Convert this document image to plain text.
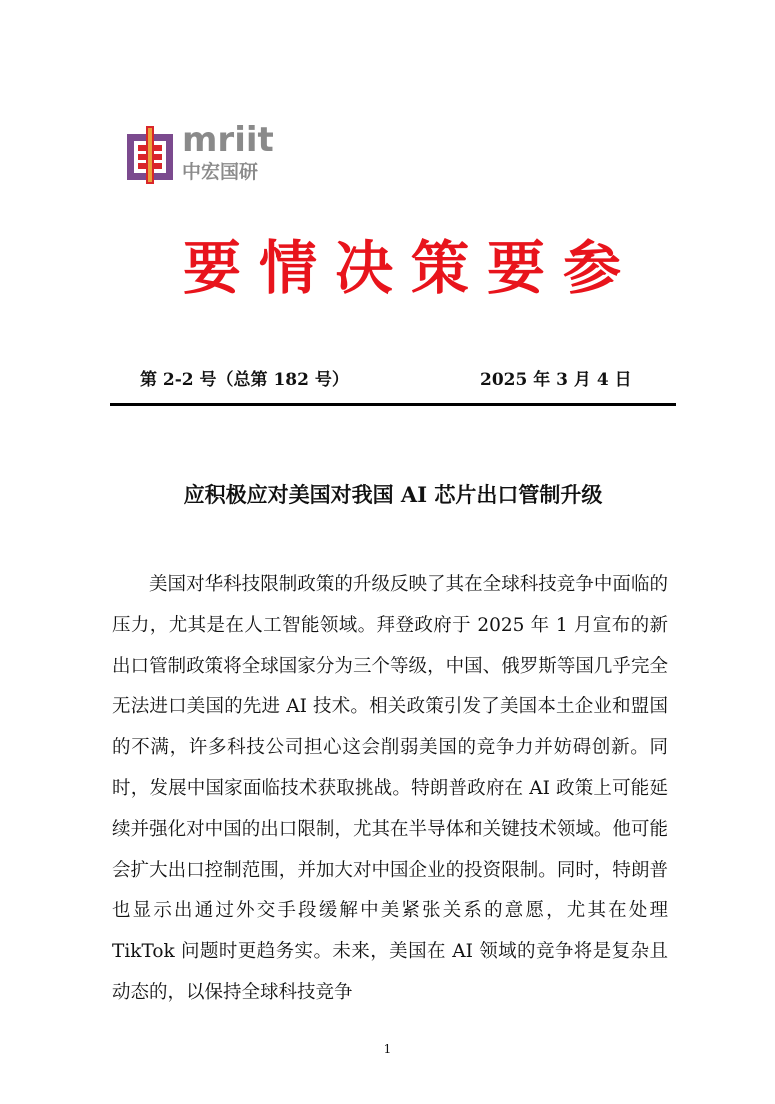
mriit
中宏国研
要情决策要参
第 2-2 号（总第 182 号）	2025 年 3 月 4 日
应积极应对美国对我国 AI 芯片出口管制升级

美国对华科技限制政策的升级反映了其在全球科技竞争中面临的压力，尤其是在人工智能领域。拜登政府于 2025 年 1 月宣布的新出口管制政策将全球国家分为三个等级，中国、俄罗斯等国几乎完全无法进口美国的先进 AI 技术。相关政策引发了美国本土企业和盟国的不满，许多科技公司担心这会削弱美国的竞争力并妨碍创新。同时，发展中国家面临技术获取挑战。特朗普政府在 AI 政策上可能延续并强化对中国的出口限制，尤其在半导体和关键技术领域。他可能会扩大出口控制范围，并加大对中国企业的投资限制。同时，特朗普也显示出通过外交手段缓解中美紧张关系的意愿，尤其在处理 TikTok 问题时更趋务实。未来，美国在 AI 领域的竞争将是复杂且动态的，以保持全球科技竞争

1
